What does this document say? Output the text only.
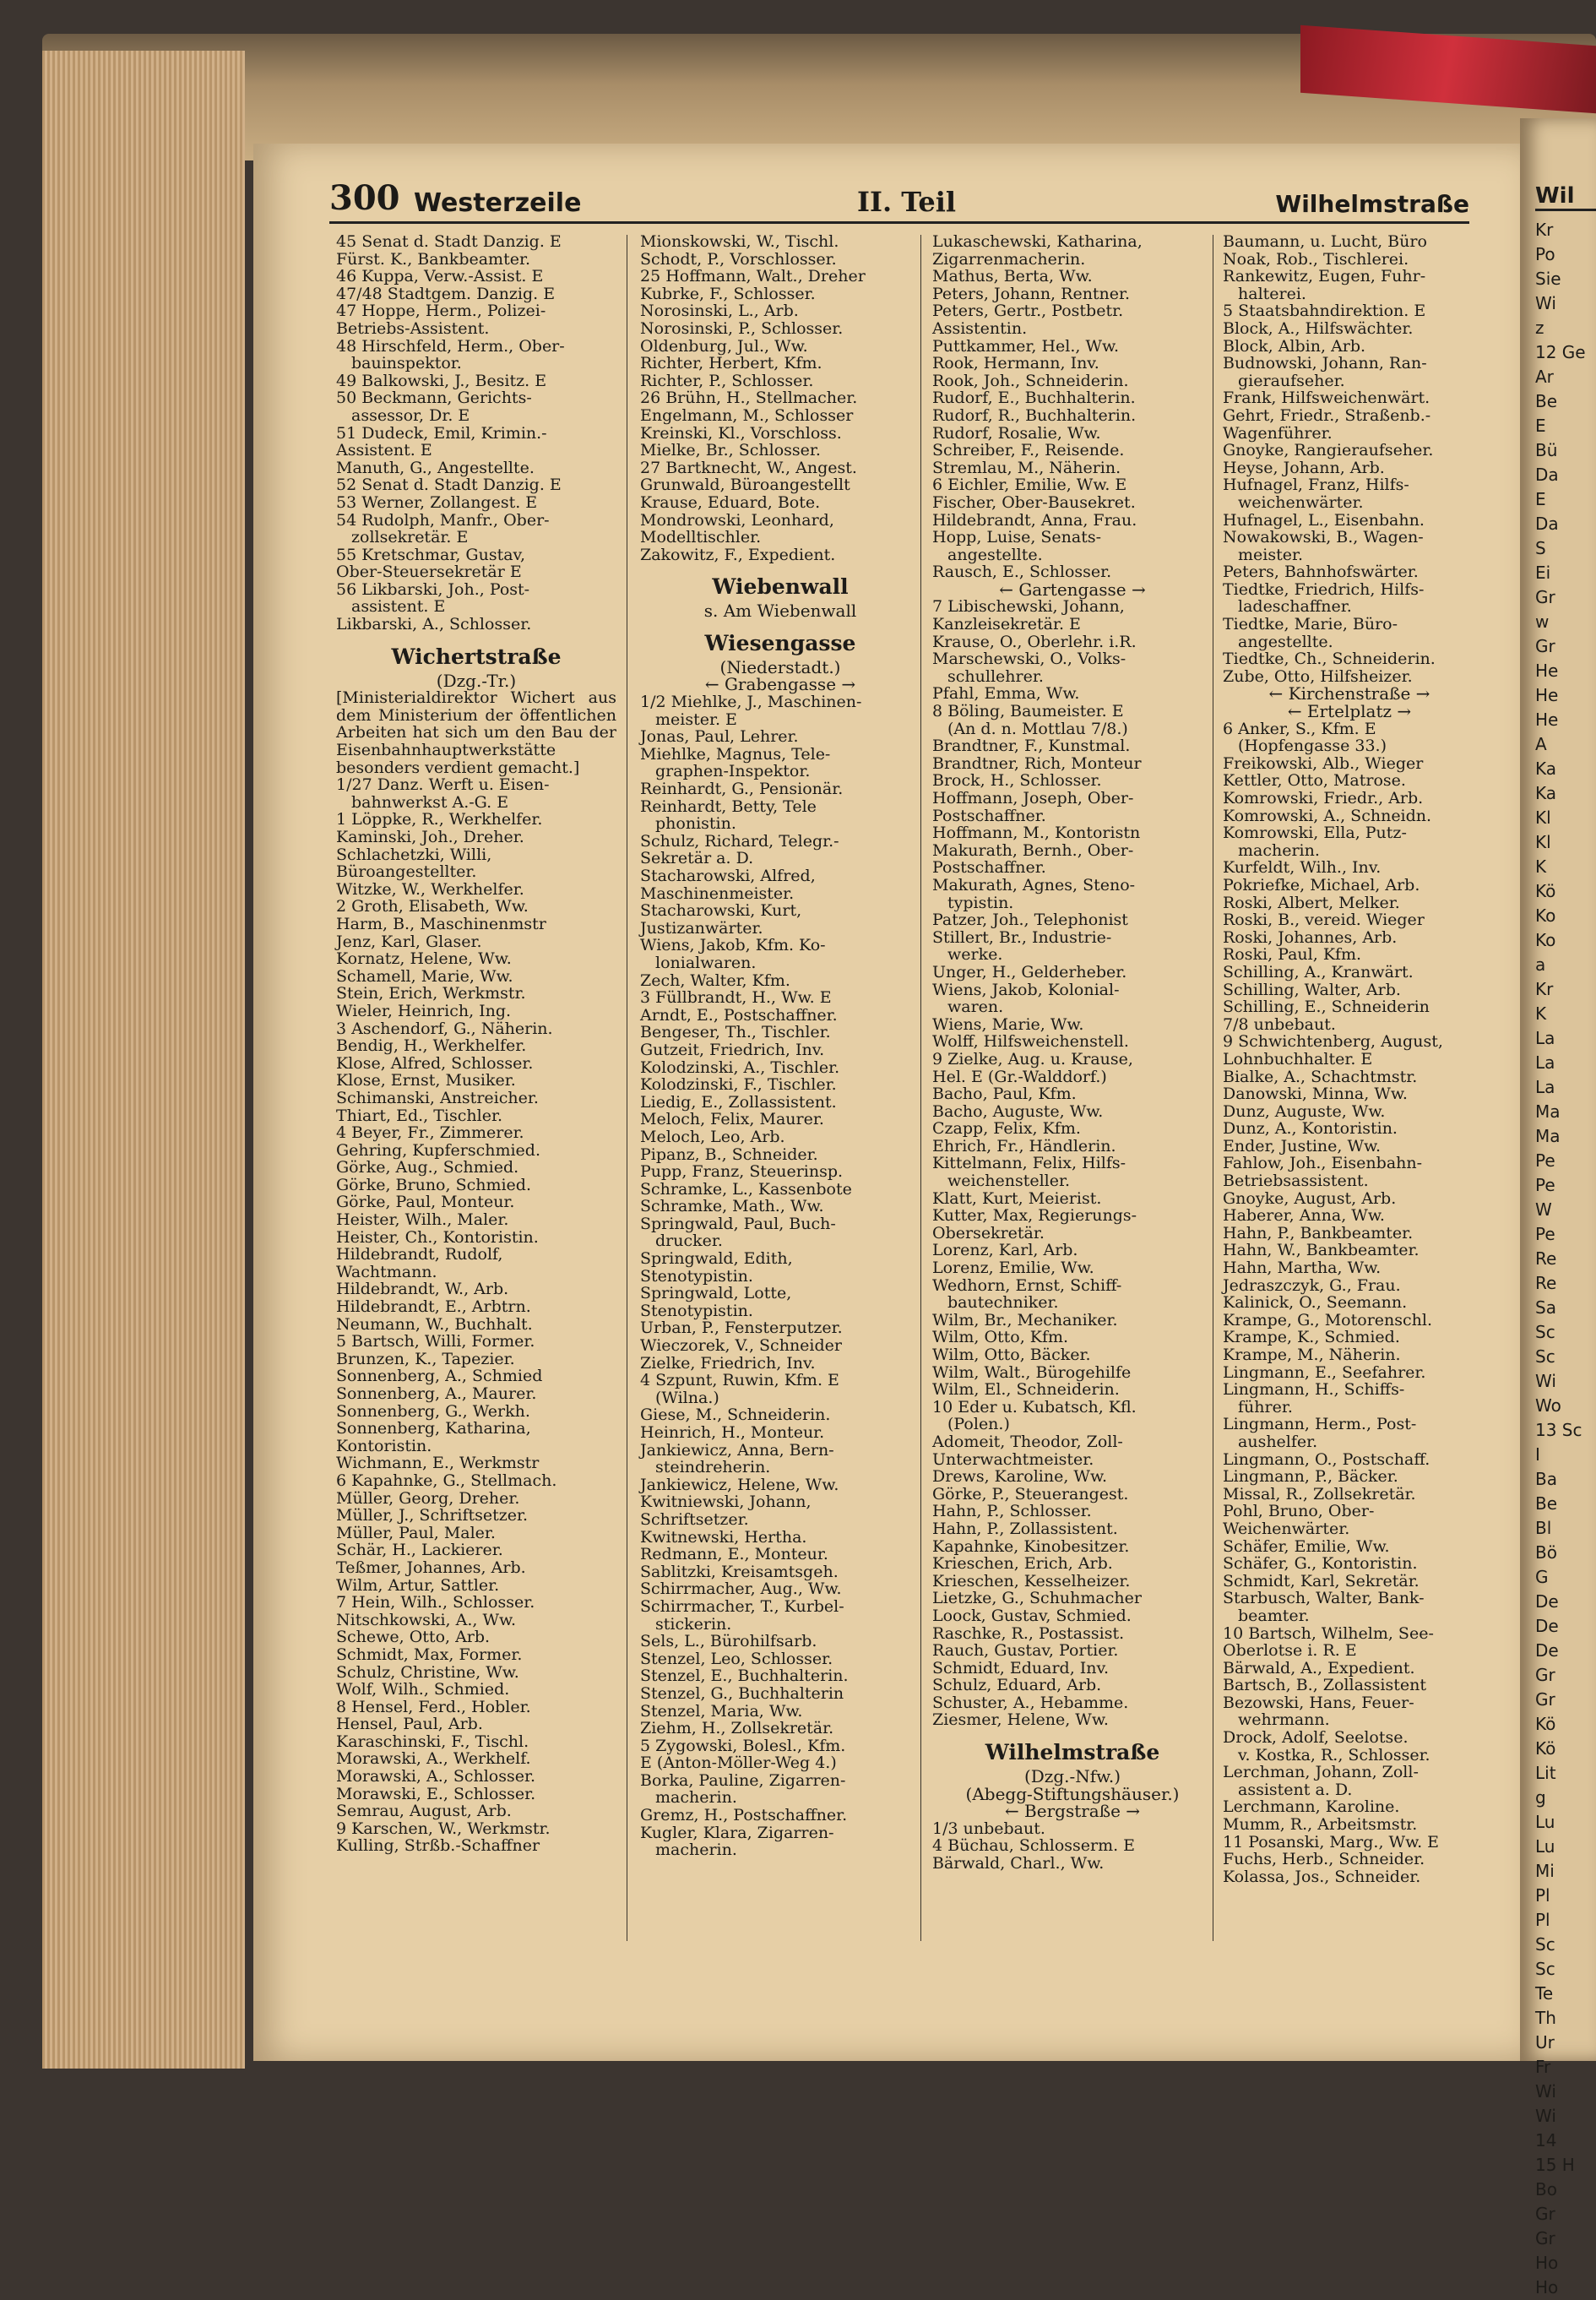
Wil
Kr
Po
Sie
Wi
z
12 Ge
Ar
Be
E
Bü
Da
E
Da
S
Ei
Gr
w
Gr
He
He
He
A
Ka
Ka
Kl
Kl
K
Kö
Ko
Ko
a
Kr
K
La
La
La
Ma
Ma
Pe
Pe
W
Pe
Re
Re
Sa
Sc
Sc
Wi
Wo
13 Sc
I
Ba
Be
Bl
Bö
G
De
De
De
Gr
Gr
Kö
Kö
Lit
g
Lu
Lu
Mi
Pl
Pl
Sc
Sc
Te
Th
Ur
Fr
Wi
Wi
14
15 H
Bo
Gr
Gr
Ho
Ho
300 Westerzeile	II. Teil	Wilhelmstraße
45 Senat d. Stadt Danzig. E
Fürst. K., Bankbeamter.
46 Kuppa, Verw.-Assist. E
47/48 Stadtgem. Danzig. E
47 Hoppe, Herm., Polizei-
Betriebs-Assistent.
48 Hirschfeld, Herm., Ober-
bauinspektor.
49 Balkowski, J., Besitz. E
50 Beckmann, Gerichts-
assessor, Dr. E
51 Dudeck, Emil, Krimin.-
Assistent. E
Manuth, G., Angestellte.
52 Senat d. Stadt Danzig. E
53 Werner, Zollangest. E
54 Rudolph, Manfr., Ober-
zollsekretär. E
55 Kretschmar, Gustav,
Ober-Steuersekretär E
56 Likbarski, Joh., Post-
assistent. E
Likbarski, A., Schlosser.
Wichertstraße
(Dzg.-Tr.)
[Ministerialdirektor Wichert aus dem Ministerium der öffentlichen Arbeiten hat sich um den Bau der Eisenbahnhauptwerkstätte besonders verdient gemacht.]
1/27 Danz. Werft u. Eisen-
bahnwerkst A.-G. E
1 Löppke, R., Werkhelfer.
Kaminski, Joh., Dreher.
Schlachetzki, Willi,
Büroangestellter.
Witzke, W., Werkhelfer.
2 Groth, Elisabeth, Ww.
Harm, B., Maschinenmstr
Jenz, Karl, Glaser.
Kornatz, Helene, Ww.
Schamell, Marie, Ww.
Stein, Erich, Werkmstr.
Wieler, Heinrich, Ing.
3 Aschendorf, G., Näherin.
Bendig, H., Werkhelfer.
Klose, Alfred, Schlosser.
Klose, Ernst, Musiker.
Schimanski, Anstreicher.
Thiart, Ed., Tischler.
4 Beyer, Fr., Zimmerer.
Gehring, Kupferschmied.
Görke, Aug., Schmied.
Görke, Bruno, Schmied.
Görke, Paul, Monteur.
Heister, Wilh., Maler.
Heister, Ch., Kontoristin.
Hildebrandt, Rudolf,
Wachtmann.
Hildebrandt, W., Arb.
Hildebrandt, E., Arbtrn.
Neumann, W., Buchhalt.
5 Bartsch, Willi, Former.
Brunzen, K., Tapezier.
Sonnenberg, A., Schmied
Sonnenberg, A., Maurer.
Sonnenberg, G., Werkh.
Sonnenberg, Katharina,
Kontoristin.
Wichmann, E., Werkmstr
6 Kapahnke, G., Stellmach.
Müller, Georg, Dreher.
Müller, J., Schriftsetzer.
Müller, Paul, Maler.
Schär, H., Lackierer.
Teßmer, Johannes, Arb.
Wilm, Artur, Sattler.
7 Hein, Wilh., Schlosser.
Nitschkowski, A., Ww.
Schewe, Otto, Arb.
Schmidt, Max, Former.
Schulz, Christine, Ww.
Wolf, Wilh., Schmied.
8 Hensel, Ferd., Hobler.
Hensel, Paul, Arb.
Karaschinski, F., Tischl.
Morawski, A., Werkhelf.
Morawski, A., Schlosser.
Morawski, E., Schlosser.
Semrau, August, Arb.
9 Karschen, W., Werkmstr.
Kulling, Strßb.-Schaffner
Mionskowski, W., Tischl.
Schodt, P., Vorschlosser.
25 Hoffmann, Walt., Dreher
Kubrke, F., Schlosser.
Norosinski, L., Arb.
Norosinski, P., Schlosser.
Oldenburg, Jul., Ww.
Richter, Herbert, Kfm.
Richter, P., Schlosser.
26 Brühn, H., Stellmacher.
Engelmann, M., Schlosser
Kreinski, Kl., Vorschloss.
Mielke, Br., Schlosser.
27 Bartknecht, W., Angest.
Grunwald, Büroangestellt
Krause, Eduard, Bote.
Mondrowski, Leonhard,
Modelltischler.
Zakowitz, F., Expedient.
Wiebenwall
s. Am Wiebenwall
Wiesengasse
(Niederstadt.)
← Grabengasse →
1/2 Miehlke, J., Maschinen-
meister. E
Jonas, Paul, Lehrer.
Miehlke, Magnus, Tele-
graphen-Inspektor.
Reinhardt, G., Pensionär.
Reinhardt, Betty, Tele
phonistin.
Schulz, Richard, Telegr.-
Sekretär a. D.
Stacharowski, Alfred,
Maschinenmeister.
Stacharowski, Kurt,
Justizanwärter.
Wiens, Jakob, Kfm. Ko-
lonialwaren.
Zech, Walter, Kfm.
3 Füllbrandt, H., Ww. E
Arndt, E., Postschaffner.
Bengeser, Th., Tischler.
Gutzeit, Friedrich, Inv.
Kolodzinski, A., Tischler.
Kolodzinski, F., Tischler.
Liedig, E., Zollassistent.
Meloch, Felix, Maurer.
Meloch, Leo, Arb.
Pipanz, B., Schneider.
Pupp, Franz, Steuerinsp.
Schramke, L., Kassenbote
Schramke, Math., Ww.
Springwald, Paul, Buch-
drucker.
Springwald, Edith,
Stenotypistin.
Springwald, Lotte,
Stenotypistin.
Urban, P., Fensterputzer.
Wieczorek, V., Schneider
Zielke, Friedrich, Inv.
4 Szpunt, Ruwin, Kfm. E
(Wilna.)
Giese, M., Schneiderin.
Heinrich, H., Monteur.
Jankiewicz, Anna, Bern-
steindreherin.
Jankiewicz, Helene, Ww.
Kwitniewski, Johann,
Schriftsetzer.
Kwitnewski, Hertha.
Redmann, E., Monteur.
Sablitzki, Kreisamtsgeh.
Schirrmacher, Aug., Ww.
Schirrmacher, T., Kurbel-
stickerin.
Sels, L., Bürohilfsarb.
Stenzel, Leo, Schlosser.
Stenzel, E., Buchhalterin.
Stenzel, G., Buchhalterin
Stenzel, Maria, Ww.
Ziehm, H., Zollsekretär.
5 Zygowski, Bolesl., Kfm.
E (Anton-Möller-Weg 4.)
Borka, Pauline, Zigarren-
macherin.
Gremz, H., Postschaffner.
Kugler, Klara, Zigarren-
macherin.
Lukaschewski, Katharina,
Zigarrenmacherin.
Mathus, Berta, Ww.
Peters, Johann, Rentner.
Peters, Gertr., Postbetr.
Assistentin.
Puttkammer, Hel., Ww.
Rook, Hermann, Inv.
Rook, Joh., Schneiderin.
Rudorf, E., Buchhalterin.
Rudorf, R., Buchhalterin.
Rudorf, Rosalie, Ww.
Schreiber, F., Reisende.
Stremlau, M., Näherin.
6 Eichler, Emilie, Ww. E
Fischer, Ober-Bausekret.
Hildebrandt, Anna, Frau.
Hopp, Luise, Senats-
angestellte.
Rausch, E., Schlosser.
← Gartengasse →
7 Libischewski, Johann,
Kanzleisekretär. E
Krause, O., Oberlehr. i.R.
Marschewski, O., Volks-
schullehrer.
Pfahl, Emma, Ww.
8 Böling, Baumeister. E
(An d. n. Mottlau 7/8.)
Brandtner, F., Kunstmal.
Brandtner, Rich, Monteur
Brock, H., Schlosser.
Hoffmann, Joseph, Ober-
Postschaffner.
Hoffmann, M., Kontoristn
Makurath, Bernh., Ober-
Postschaffner.
Makurath, Agnes, Steno-
typistin.
Patzer, Joh., Telephonist
Stillert, Br., Industrie-
werke.
Unger, H., Gelderheber.
Wiens, Jakob, Kolonial-
waren.
Wiens, Marie, Ww.
Wolff, Hilfsweichenstell.
9 Zielke, Aug. u. Krause,
Hel. E (Gr.-Walddorf.)
Bacho, Paul, Kfm.
Bacho, Auguste, Ww.
Czapp, Felix, Kfm.
Ehrich, Fr., Händlerin.
Kittelmann, Felix, Hilfs-
weichensteller.
Klatt, Kurt, Meierist.
Kutter, Max, Regierungs-
Obersekretär.
Lorenz, Karl, Arb.
Lorenz, Emilie, Ww.
Wedhorn, Ernst, Schiff-
bautechniker.
Wilm, Br., Mechaniker.
Wilm, Otto, Kfm.
Wilm, Otto, Bäcker.
Wilm, Walt., Bürogehilfe
Wilm, El., Schneiderin.
10 Eder u. Kubatsch, Kfl.
(Polen.)
Adomeit, Theodor, Zoll-
Unterwachtmeister.
Drews, Karoline, Ww.
Görke, P., Steuerangest.
Hahn, P., Schlosser.
Hahn, P., Zollassistent.
Kapahnke, Kinobesitzer.
Krieschen, Erich, Arb.
Krieschen, Kesselheizer.
Lietzke, G., Schuhmacher
Loock, Gustav, Schmied.
Raschke, R., Postassist.
Rauch, Gustav, Portier.
Schmidt, Eduard, Inv.
Schulz, Eduard, Arb.
Schuster, A., Hebamme.
Ziesmer, Helene, Ww.
Wilhelmstraße
(Dzg.-Nfw.)
(Abegg-Stiftungshäuser.)
← Bergstraße →
1/3 unbebaut.
4 Büchau, Schlosserm. E
Bärwald, Charl., Ww.
Baumann, u. Lucht, Büro
Noak, Rob., Tischlerei.
Rankewitz, Eugen, Fuhr-
halterei.
5 Staatsbahndirektion. E
Block, A., Hilfswächter.
Block, Albin, Arb.
Budnowski, Johann, Ran-
gieraufseher.
Frank, Hilfsweichenwärt.
Gehrt, Friedr., Straßenb.-
Wagenführer.
Gnoyke, Rangieraufseher.
Heyse, Johann, Arb.
Hufnagel, Franz, Hilfs-
weichenwärter.
Hufnagel, L., Eisenbahn.
Nowakowski, B., Wagen-
meister.
Peters, Bahnhofswärter.
Tiedtke, Friedrich, Hilfs-
ladeschaffner.
Tiedtke, Marie, Büro-
angestellte.
Tiedtke, Ch., Schneiderin.
Zube, Otto, Hilfsheizer.
← Kirchenstraße →
← Ertelplatz →
6 Anker, S., Kfm. E
(Hopfengasse 33.)
Freikowski, Alb., Wieger
Kettler, Otto, Matrose.
Komrowski, Friedr., Arb.
Komrowski, A., Schneidn.
Komrowski, Ella, Putz-
macherin.
Kurfeldt, Wilh., Inv.
Pokriefke, Michael, Arb.
Roski, Albert, Melker.
Roski, B., vereid. Wieger
Roski, Johannes, Arb.
Roski, Paul, Kfm.
Schilling, A., Kranwärt.
Schilling, Walter, Arb.
Schilling, E., Schneiderin
7/8 unbebaut.
9 Schwichtenberg, August,
Lohnbuchhalter. E
Bialke, A., Schachtmstr.
Danowski, Minna, Ww.
Dunz, Auguste, Ww.
Dunz, A., Kontoristin.
Ender, Justine, Ww.
Fahlow, Joh., Eisenbahn-
Betriebsassistent.
Gnoyke, August, Arb.
Haberer, Anna, Ww.
Hahn, P., Bankbeamter.
Hahn, W., Bankbeamter.
Hahn, Martha, Ww.
Jedraszczyk, G., Frau.
Kalinick, O., Seemann.
Krampe, G., Motorenschl.
Krampe, K., Schmied.
Krampe, M., Näherin.
Lingmann, E., Seefahrer.
Lingmann, H., Schiffs-
führer.
Lingmann, Herm., Post-
aushelfer.
Lingmann, O., Postschaff.
Lingmann, P., Bäcker.
Missal, R., Zollsekretär.
Pohl, Bruno, Ober-
Weichenwärter.
Schäfer, Emilie, Ww.
Schäfer, G., Kontoristin.
Schmidt, Karl, Sekretär.
Starbusch, Walter, Bank-
beamter.
10 Bartsch, Wilhelm, See-
Oberlotse i. R. E
Bärwald, A., Expedient.
Bartsch, B., Zollassistent
Bezowski, Hans, Feuer-
wehrmann.
Drock, Adolf, Seelotse.
v. Kostka, R., Schlosser.
Lerchman, Johann, Zoll-
assistent a. D.
Lerchmann, Karoline.
Mumm, R., Arbeitsmstr.
11 Posanski, Marg., Ww. E
Fuchs, Herb., Schneider.
Kolassa, Jos., Schneider.
